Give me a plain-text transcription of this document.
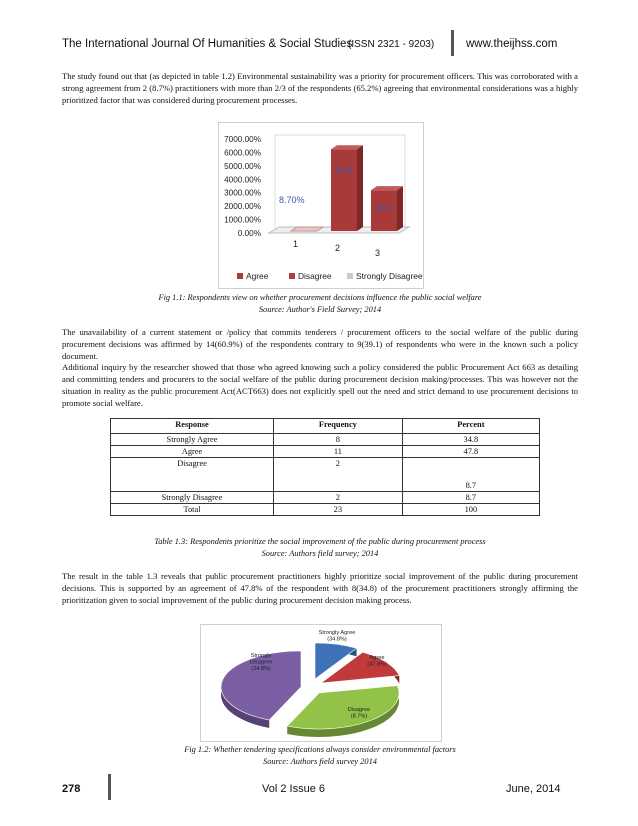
The International Journal Of Humanities & Social Studies
(ISSN 2321 - 9203)	www.theijhss.com

The study found out that (as depicted in table 1.2) Environmental sustainability was a priority for procurement officers. This was corroborated with a strong agreement from 2 (8.7%) practitioners with more than 2/3 of the respondents (65.2%) agreeing that environmental considerations was a highly prioritized factor that was considered during procurement processes.

0.00%
1000.00%
2000.00%
3000.00%
4000.00%
5000.00%
6000.00%
7000.00%
8.70%
60.9
30.4
1	2	3
Agree	Disagree	Strongly Disagree
Fig 1.1: Respondents view on whether procurement decisions influence the public social welfare
Source: Author's Field Survey; 2014

The unavailability of a current statement or /policy that commits tenderers / procurement officers to the social welfare of the public during procurement decisions was affirmed by 14(60.9%) of the respondents contrary to 9(39.1) of respondents who were in the known such a policy document.

Additional inquiry by the researcher showed that those who agreed knowing such a policy considered the public Procurement Act 663 as detailing and committing tenders and procurers to the social welfare of the public during procurement decision making/processes. This was however not the situation in reality as the public procurement Act(ACT663) does not explicitly spell out the need and strict demand to use procurement decisions to promote social welfare.

Response	Frequency	Percent
Strongly Agree	8	34.8
Agree	11	47.8
Disagree	2	8.7
Strongly Disagree	2	8.7
Total	23	100
Table 1.3: Respondents prioritize the social improvement of the public during procurement process
Source: Authors field survey; 2014

The result in the table 1.3 reveals that public procurement practitioners highly prioritize social improvement of the public during procurement decisions. This is supported by an agreement of 47.8% of the respondent with 8(34.8) of the procurement practitioners strongly affirming the prioritization given to social improvement of the public during procurement decision making process.

Strongly Agree (34.8%)
Agree (47.8%)
Disagree (8.7%)
Strongly Disagree (34.8%)
Fig 1.2: Whether tendering specifications always consider environmental factors
Source: Authors field survey 2014
278	Vol 2 Issue 6	June, 2014
